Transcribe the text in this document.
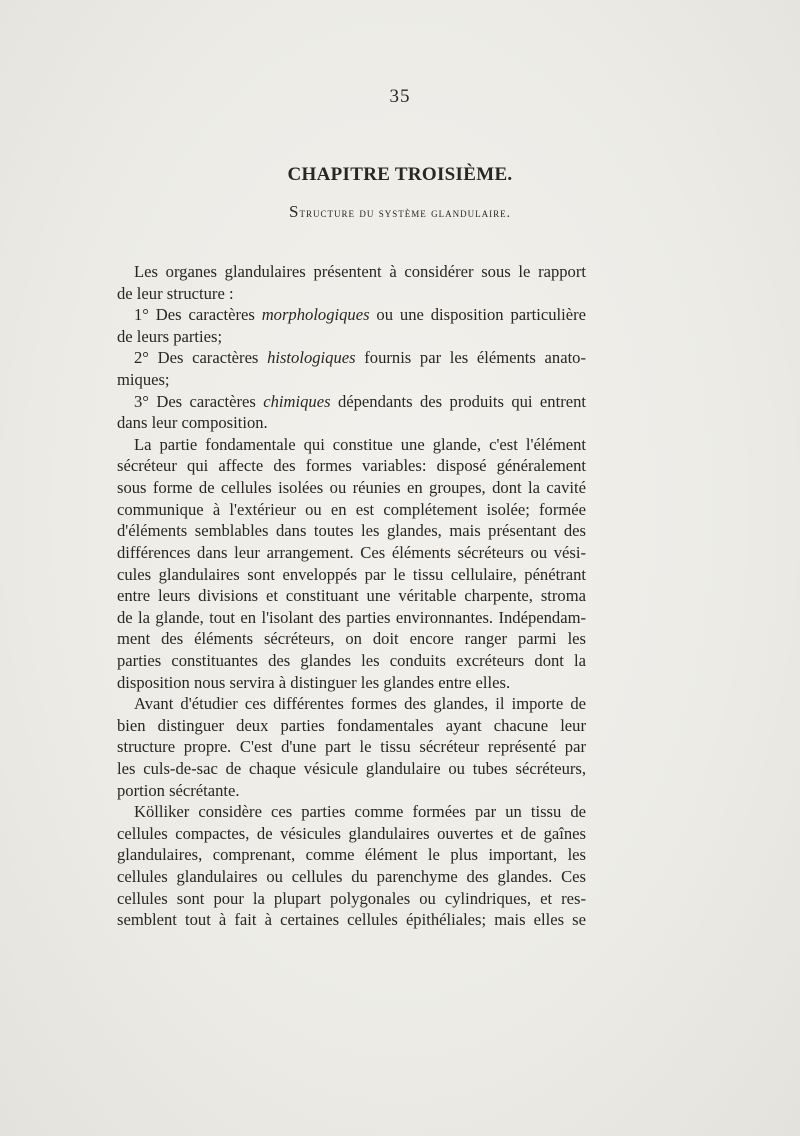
35
CHAPITRE TROISIÈME.
Structure du système glandulaire.
Les organes glandulaires présentent à considérer sous le rapport
de leur structure :
1° Des caractères morphologiques ou une disposition particulière
de leurs parties;
2° Des caractères histologiques fournis par les éléments anato-
miques;
3° Des caractères chimiques dépendants des produits qui entrent
dans leur composition.
La partie fondamentale qui constitue une glande, c'est l'élément
sécréteur qui affecte des formes variables: disposé généralement
sous forme de cellules isolées ou réunies en groupes, dont la cavité
communique à l'extérieur ou en est complétement isolée; formée
d'éléments semblables dans toutes les glandes, mais présentant des
différences dans leur arrangement. Ces éléments sécréteurs ou vési-
cules glandulaires sont enveloppés par le tissu cellulaire, pénétrant
entre leurs divisions et constituant une véritable charpente, stroma
de la glande, tout en l'isolant des parties environnantes. Indépendam-
ment des éléments sécréteurs, on doit encore ranger parmi les
parties constituantes des glandes les conduits excréteurs dont la
disposition nous servira à distinguer les glandes entre elles.
Avant d'étudier ces différentes formes des glandes, il importe de
bien distinguer deux parties fondamentales ayant chacune leur
structure propre. C'est d'une part le tissu sécréteur représenté par
les culs-de-sac de chaque vésicule glandulaire ou tubes sécréteurs,
portion sécrétante.
Kölliker considère ces parties comme formées par un tissu de
cellules compactes, de vésicules glandulaires ouvertes et de gaînes
glandulaires, comprenant, comme élément le plus important, les
cellules glandulaires ou cellules du parenchyme des glandes. Ces
cellules sont pour la plupart polygonales ou cylindriques, et res-
semblent tout à fait à certaines cellules épithéliales; mais elles se
